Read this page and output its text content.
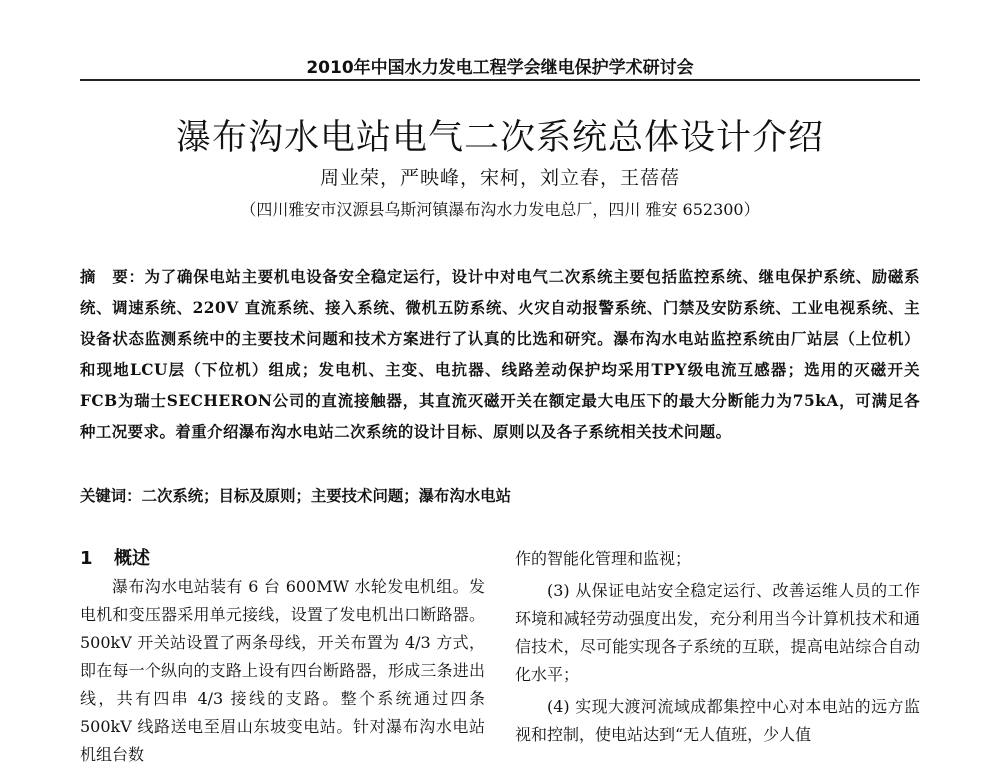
2010年中国水力发电工程学会继电保护学术研讨会
瀑布沟水电站电气二次系统总体设计介绍
周业荣，严映峰，宋柯，刘立春，王蓓蓓
（四川雅安市汉源县乌斯河镇瀑布沟水力发电总厂，四川 雅安 652300）
摘　要：为了确保电站主要机电设备安全稳定运行，设计中对电气二次系统主要包括监控系统、继电保护系统、励磁系统、调速系统、220V 直流系统、接入系统、微机五防系统、火灾自动报警系统、门禁及安防系统、工业电视系统、主设备状态监测系统中的主要技术问题和技术方案进行了认真的比选和研究。瀑布沟水电站监控系统由厂站层（上位机）和现地LCU层（下位机）组成；发电机、主变、电抗器、线路差动保护均采用TPY级电流互感器；选用的灭磁开关FCB为瑞士SECHERON公司的直流接触器，其直流灭磁开关在额定最大电压下的最大分断能力为75kA，可满足各种工况要求。着重介绍瀑布沟水电站二次系统的设计目标、原则以及各子系统相关技术问题。
关键词：二次系统；目标及原则；主要技术问题；瀑布沟水电站
1 概述

瀑布沟水电站装有 6 台 600MW 水轮发电机组。发电机和变压器采用单元接线，设置了发电机出口断路器。500kV 开关站设置了两条母线，开关布置为 4/3 方式，即在每一个纵向的支路上设有四台断路器，形成三条进出线，共有四串 4/3 接线的支路。整个系统通过四条 500kV 线路送电至眉山东坡变电站。针对瀑布沟水电站机组台数

作的智能化管理和监视；

(3) 从保证电站安全稳定运行、改善运维人员的工作环境和减轻劳动强度出发，充分利用当今计算机技术和通信技术，尽可能实现各子系统的互联，提高电站综合自动化水平；

(4) 实现大渡河流域成都集控中心对本电站的远方监视和控制，使电站达到“无人值班，少人值
